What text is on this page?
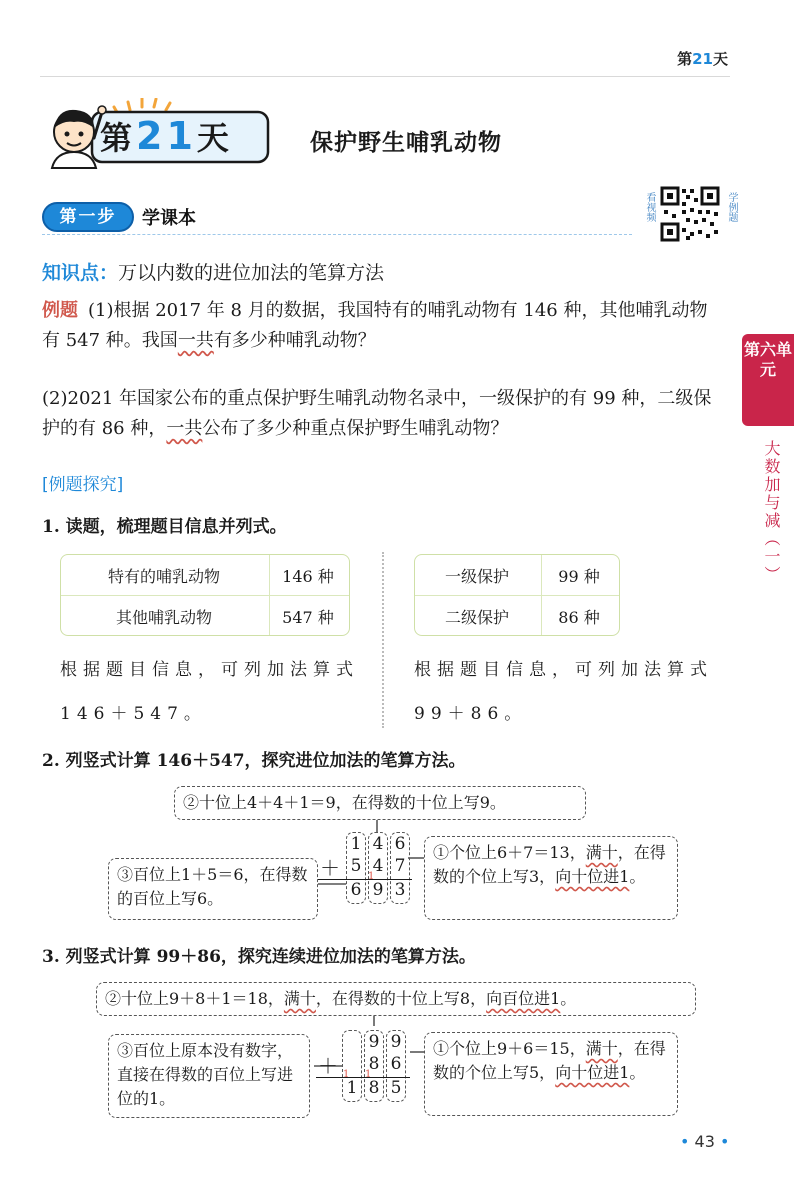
第21天
第21天	保护野生哺乳动物
第一步	学课本	看视频	学例题
知识点：万以内数的进位加法的笔算方法
例题 (1)根据 2017 年 8 月的数据，我国特有的哺乳动物有 146 种，其他哺乳动物有 547 种。我国一共有多少种哺乳动物？
(2)2021 年国家公布的重点保护野生哺乳动物名录中，一级保护的有 99 种，二级保护的有 86 种，一共公布了多少种重点保护野生哺乳动物？
[例题探究]
1. 读题，梳理题目信息并列式。
特有的哺乳动物	146 种
其他哺乳动物	547 种
一级保护	99 种
二级保护	86 种
根据题目信息，可列加法算式
146＋547。
根据题目信息，可列加法算式
99＋86。
2. 列竖式计算 146＋547，探究进位加法的笔算方法。
②十位上4＋4＋1＝9，在得数的十位上写9。
③百位上1＋5＝6，在得数的百位上写6。
＋
1 4 6
5 4 7
1
6 9 3
①个位上6＋7＝13，满十，在得数的个位上写3，向十位进1。
3. 列竖式计算 99＋86，探究连续进位加法的笔算方法。
②十位上9＋8＋1＝18，满十，在得数的十位上写8，向百位进1。
③百位上原本没有数字，直接在得数的百位上写进位的1。
＋
9 9
8 6
1 1
1 8 5
①个位上9＋6＝15，满十，在得数的个位上写5，向十位进1。
第六单元
大数加与减（一）
• 43 •
